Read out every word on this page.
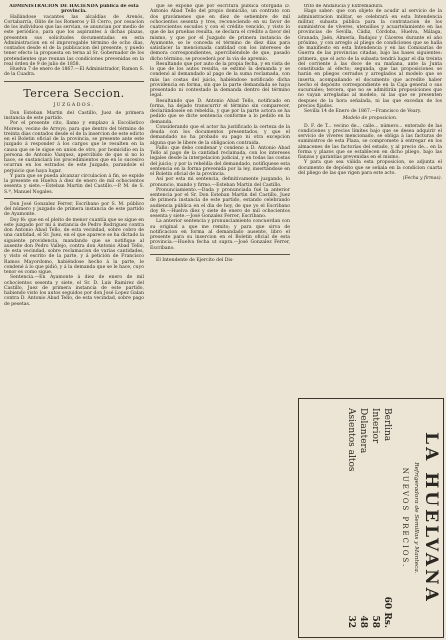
ADMINISTRACION DE HACIENDA pública de esta provincia.

Hallándose vacantes las alcaldías de Arenós, Cortabarría, Olite de los Romeros y El Cerro, por cesacion de los individuos que las servian, se anuncian por medio de este periódico, para que los aspirantes á dichas plazas, presenten sus solicitudes documentadas en esta Administracion en el improrogable término de ocho dias, contados desde el de la publicacion del presente, y puedo tener efecto la propuesta en terna al Sr. Gobernador de los pretendientes que reunan las condiciones prevenidas en la real órden de 9 de julio de 1858.

Huelva 7 de enero de 1867.—El Administrador, Ramon S. de la Cuadra.

Tercera Seccion.
JUZGADOS.

Don Esteban Martin del Castillo, Juez de primera instancia de este partido.

Por el presente cito, llamo y emplazo á Escolástico Moreno, vecino de Arroyo, para que dentro del término de treinta dias contados desde el de la insercion de este edicto en el Boletin oficial de la provincia, se presente ante este juzgado á responder á los cargos que le resulten en la causa que se le sigue en union de otro, por homicidio en la persona de Antonio Vazquez, apercibido de que si no lo hace, se sustanciará los procedimientos que en lo sucesivo ocurran en los estrados de este Juzgado, parandole el perjuicio que haya lugar.

Y para que se pueda alcanzar circulacion á fin, se expide la presente en Huelva á diez de enero de mil ochocientos sesenta y siete.—Esteban Martin del Castillo.—P. M. de S. S.ª, Manuel Nogales.

Don José Gonzalez Ferrer, Escribano por S. M. público del número y juzgado de primera instancia de este partido de Ayamonte.

Doy fé: que en el pleito de menor cuantía que se sigue en este juzgado por mí á instancia de Pedro Rodriguez contra don Antonio Abad Tello, de esta vecindad, sobre cobro de una cantidad, el Sr. Juez, en el que aparece se ha dictado la siguiente providencia, mandando que se notifique al ausente don Pedro Vallejo, contra don Antonio Abad Tello, de esta vecindad, sobre reclamacion de varias cantidades, y visto el escrito de la parte, y á petición de Francisco Ramos Mayordomo, habiéndose hecho á la parte, le condené á lo que pidió, y á la demanda que se le hace, cuyo tenor es como sigue.

Sentencia.—En Ayamonte á diez de enero de mil ochocientos sesenta y siete, el Sr. D. Luis Ramirez del Castillo, Juez de primera instancia de este partido, habiendo visto los autos seguidos por don José Lopez Galan contra D. Antonio Abad Tello, de esta vecindad, sobre pago de pesetas.

que se expone que por escritura pública otorgada D. Antonio Abad Tello del propio domicilio, un contrato con dos gravámenes que en diez de setiembre de mil ochocientos sesenta y tres, reconociendo en su favor de cuatrocientos escudos y con el crédito vencido, y visto lo que de las pruebas resulta, se declara el crédito a favor del mismo, y que por el Juzgado de primera instancia de Ayamonte, se le conceda el término de diez dias para satisfacer la mencionada cantidad con los intereses de demora correspondientes, apercibiéndole de que, pasado dicho término, se procederá por la via de apremio.

Resultando que por auto de la propia fecha, y en vista de lo que de los autos resulta, se estimó la demanda y se condenó al demandado al pago de la suma reclamada, con más las costas del juicio, habiéndose notificado dicha providencia en forma, sin que la parte demandada se haya presentado ni contestado la demanda dentro del término legal.

Resultando que D. Antonio Abad Tello, notificado en forma, ha dejado transcurrir el término sin comparecer, declarándosele en rebeldía, y que por la parte actora se ha pedido que se dicte sentencia conforme a lo pedido en la demanda.

Considerando que el actor ha justificado la certeza de la deuda con los documentos presentados, y que el demandado no ha probado su pago ni otra excepcion alguna que le libere de la obligacion contraida.

Fallo: que debo condenar y condeno a D. Antonio Abad Tello al pago de la cantidad reclamada, con los intereses legales desde la interpelacion judicial, y en todas las costas del juicio; y por la rebeldía del demandado, notifíquese esta sentencia en la forma prevenida por la ley, insertándose en el Boletin oficial de la provincia.

Así por esta mi sentencia, definitivamente juzgando, lo pronuncio, mando y firmo.—Esteban Martin del Castillo.

Pronunciamiento.—Dada y pronunciada fué la anterior sentencia por el Sr. Don Esteban Martin del Castillo, Juez de primera instancia de este partido, estando celebrando audiencia pública en el dia de hoy, de que yo el Escribano doy fé.—Huelva diez y siete de enero de mil ochocientos sesenta y siete.—José Gonzalez Ferrer, Escribano.

La anterior sentencia y pronunciamiento concuerdan con su original a que me remito; y para que sirva de notificacion en forma al demandado ausente, libro el presente para su insercion en el Boletin oficial de esta provincia.—Huelva fecha ut supra.—José Gonzalez Ferrer, Escribano.

El Intendente de Ejercito del Dis-

trito de Andalucía y Extremadura.

Hago saber: que con objeto de acudir al servicio de la administracion militar, se celebrará en esta Intendencia militar, subasta pública para la contratacion de los suministros de víveres, utensilios y acuartelamiento en las provincias de Sevilla, Cádiz, Córdoba, Huelva, Málaga, Granada, Jaén, Almería, Badajoz y Cáceres durante el año próximo, y con arreglo al pliego de condiciones que se halla de manifiesto en esta Intendencia y en las Comisarías de Guerra de las provincias citadas, bajo las bases siguientes: primera, que el acto de la subasta tendrá lugar el dia treinta del corriente á las doce de su mañana, ante la Junta constituida al efecto; segunda, que las proposiciones se harán en pliegos cerrados y arreglados al modelo que se inserta, acompañando el documento que acredite haber hecho el depósito correspondiente en la Caja general o sus sucursales; tercera, que no se admitirán proposiciones que no vayan arregladas al modelo, ni las que se presenten despues de la hora señalada, ni las que excedan de los precios fijados.

Sevilla 14 de Enero de 1867.—Francisco de Veary.

Modelo de proposicion.

D. F. de T... vecino de... calle... número... enterado de las condiciones y precios límites bajo que se desea adquirir el servicio de víveres mencionado, se obliga á las facturas de suministros de esta Plaza, se compromete á entregar en los almacenes de las factorías del estado, y al precio de... en la forma y plazos que se establecen en dicho pliego, bajo las fianzas y garantías prevenidas en el mismo.

Y para que sea válida esta proposicion, se adjunta el documento de depósito que se señala en la condicion cuarta del pliego de las que rigen para este acto.

(Fecha y firmas).

LA HUELVANA
Refrigeradora de Semillas y Manteca.
NUEVOS PRECIOS.
Berlina
60 Rs.
Interior
58
Delantera
48
Asientos altos
32
